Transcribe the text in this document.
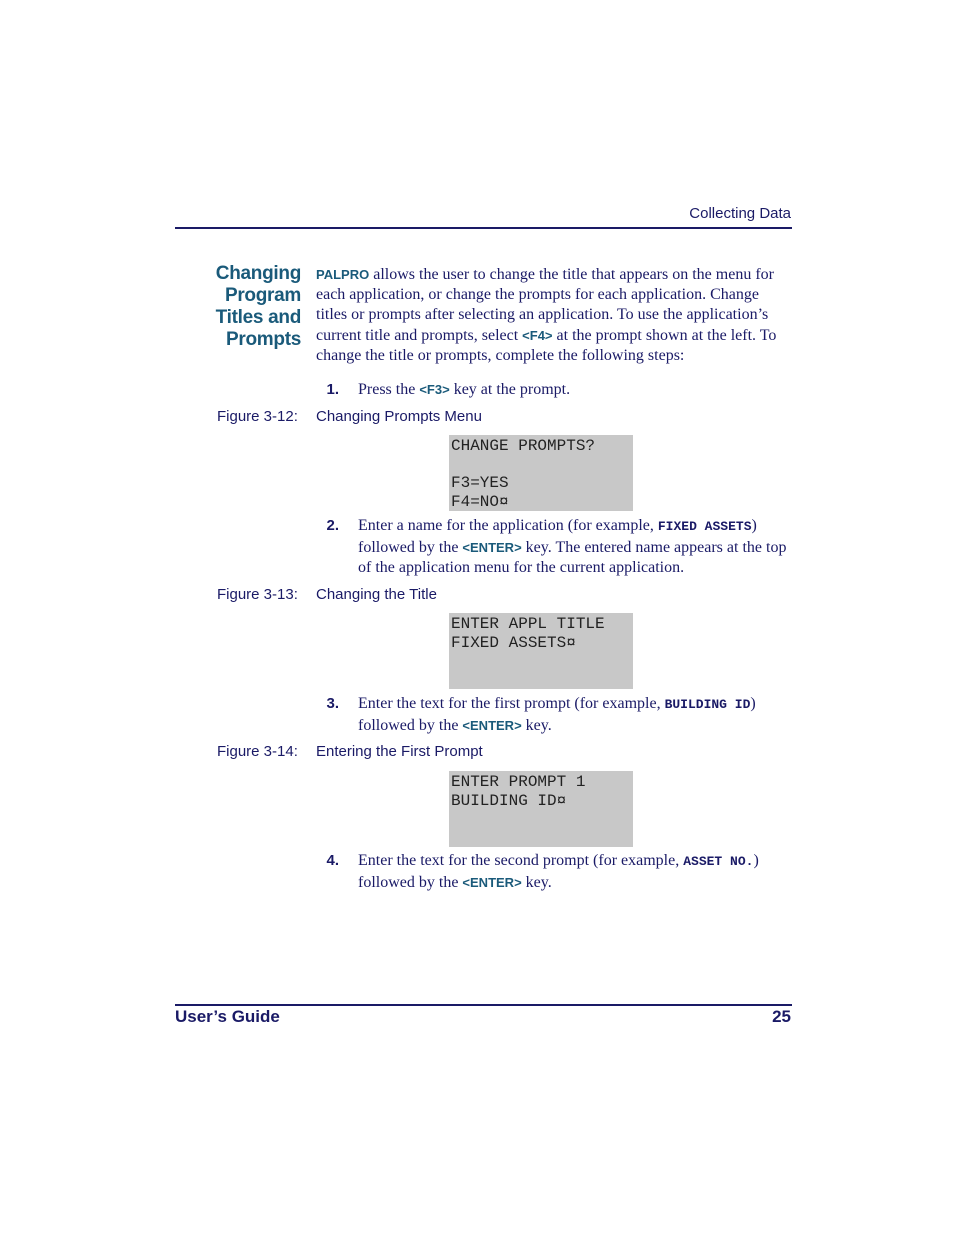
Collecting Data
Changing
Program
Titles and
Prompts
PALPRO allows the user to change the title that appears on the menu for each application, or change the prompts for each application. Change titles or prompts after selecting an application. To use the application’s current title and prompts, select <F4> at the prompt shown at the left. To change the title or prompts, complete the following steps:
1. Press the <F3> key at the prompt.
Figure 3-12: Changing Prompts Menu
CHANGE PROMPTS?
F3=YES
F4=NO¤
2. Enter a name for the application (for example, FIXED ASSETS) followed by the <ENTER> key. The entered name appears at the top of the application menu for the current application.
Figure 3-13: Changing the Title
ENTER APPL TITLE
FIXED ASSETS¤
3. Enter the text for the first prompt (for example, BUILDING ID) followed by the <ENTER> key.
Figure 3-14: Entering the First Prompt
ENTER PROMPT 1
BUILDING ID¤
4. Enter the text for the second prompt (for example, ASSET NO.) followed by the <ENTER> key.
User’s Guide	25
